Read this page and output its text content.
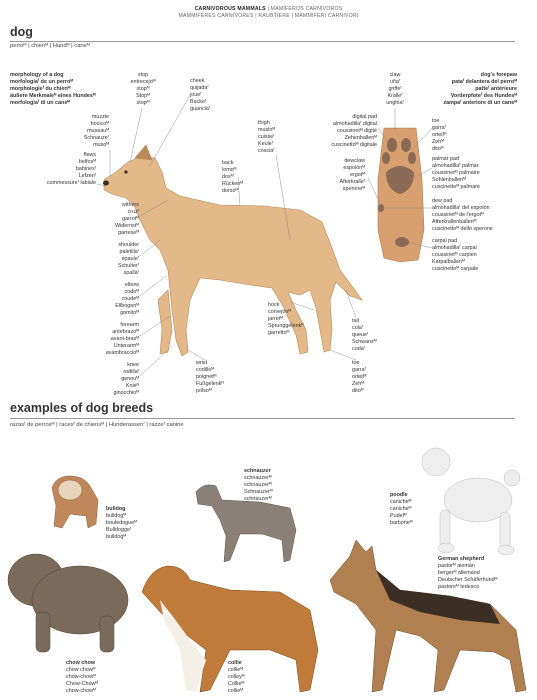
CARNIVOROUS MAMMALS | MAMÍFEROS CARNÍVOROS
MAMMIFÈRES CARNIVORES | RAUBTIERE | MAMMIFERI CARNIVORI
dog
perroᴹ | chienᴹ | Hundᴹ | caneᴹ
morphology of a dog
morfologíaᶠ de un perroᴹ
morphologieᶠ du chienᴹ
äußere Merkmaleᴺ eines Hundesᴹ
morfologiaᶠ di un caneᴹ
dog's forepaw
pataᶠ delantera del perroᴹ
patteᶠ antérieure
Vorderpfoteᶠ des Hundesᴹ
zampaᶠ anteriore di un caneᴹ
stop
entrecejoᴹ
stopᴹ
Stopᴹ
stopᴹ
cheek
quijadaᶠ
joueᶠ
Backeᶠ
guanciaᶠ
muzzle
hocicoᴹ
museauᴹ
Schnauzeᶠ
musoᴹ
flews
belfosᴹ
babinesᶠ
Lefzenᶠ
commessureᶠ labiale
thigh
musloᴹ
cuisseᶠ
Keuleᶠ
cosciaᶠ
back
lomoᴹ
dosᴹ
Rückenᴹ
dorsoᴹ
withers
cruzᶠ
garrotᴹ
Widerristᴹ
garreseᴹ
shoulder
paletillaᶠ
épauleᶠ
Schulterᶠ
spallaᶠ
elbow
codoᴹ
coudeᴹ
Ellbogenᴹ
gomitoᴹ
forearm
antebrazoᴹ
avant-brasᴹ
Unterarmᴹ
avambraccioᴹ
knee
rodillaᶠ
genouᴹ
Knieᴺ
ginocchioᴹ
wrist
codilloᴹ
poignetᴹ
Fußgelenkᴺ
polsoᴹ
hock
corvejónᴹ
jarretᴹ
Sprunggelenkᴺ
garrettoᴹ
tail
colaᶠ
queueᶠ
Schwanzᴹ
codaᶠ
toe
garraᶠ
orteilᴹ
Zehᴹ
ditoᴹ
claw
uñaᶠ
griffeᶠ
Kralleᶠ
unghiaᶠ
digital pad
almohadillaᶠ digital
coussinetᴹ digité
Zehenballenᴹ
cuscinettoᴹ digitale
toe
garraᶠ
orteilᴹ
Zehᴹ
ditoᴹ
dewclaw
espolónᴹ
ergotᴹ
Afterkralleᶠ
speroneᴹ
palmar pad
almohadillaᶠ palmar
coussinetᴹ palmaire
Sohlenballenᴹ
cuscinettoᴹ palmare
dew pad
almohadillaᶠ del espolón
coussinetᴹ de l'ergotᴹ
Afterkrallenballenᴹ
cuscinettoᴹ dello sperone
carpal pad
almohadillaᶠ carpal
coussinetᴹ carpien
Karpalballenᴹ
cuscinettoᴹ carpale
examples of dog breeds
razasᶠ de perrosᴹ | racesᶠ de chiensᴹ | Hunderassenᶠ | razzeᶠ canine
bulldog
bulldogᴹ
bouledogueᴹ
Bulldoggeᶠ
bulldogᴹ
schnauzer
schnauzerᴹ
schnauzerᴹ
Schnauzerᴹ
schnauzerᴹ
poodle
canicheᴹ
canicheᴹ
Pudelᴹ
barboneᴹ
German shepherd
pastorᴹ alemán
bergerᴹ allemand
Deutscher Schäferhundᴹ
pastoreᴹ tedesco
chow chow
chow chowᴹ
chow-chowᴹ
Chow-Chowᴹ
chow-chowᴹ
collie
collieᴹ
colleyᴹ
Collieᴹ
collieᴹ
